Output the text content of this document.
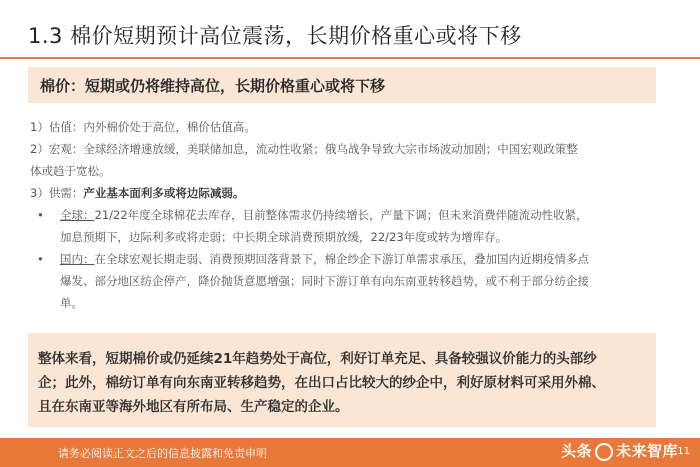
1.3 棉价短期预计高位震荡，长期价格重心或将下移
棉价：短期或仍将维持高位，长期价格重心或将下移
1）估值：内外棉价处于高位，棉价估值高。
2）宏观：全球经济增速放缓，美联储加息，流动性收紧；俄乌战争导致大宗市场波动加剧；中国宏观政策整
体或趋于宽松。
3）供需：产业基本面利多或将边际减弱。
• 全球：21/22年度全球棉花去库存，目前整体需求仍持续增长，产量下调；但未来消费伴随流动性收紧，
加息预期下，边际利多或将走弱；中长期全球消费预期放缓，22/23年度或转为增库存。
• 国内：在全球宏观长期走弱、消费预期回落背景下，棉企纱企下游订单需求承压，叠加国内近期疫情多点
爆发、部分地区纺企停产，降价抛货意愿增强；同时下游订单有向东南亚转移趋势，或不利于部分纺企接
单。
整体来看，短期棉价或仍延续21年趋势处于高位，利好订单充足、具备较强议价能力的头部纱
企；此外，棉纺订单有向东南亚转移趋势，在出口占比较大的纱企中，利好原材料可采用外棉、
且在东南亚等海外地区有所布局、生产稳定的企业。
请务必阅读正文之后的信息披露和免责申明	头条 未来智库 11
